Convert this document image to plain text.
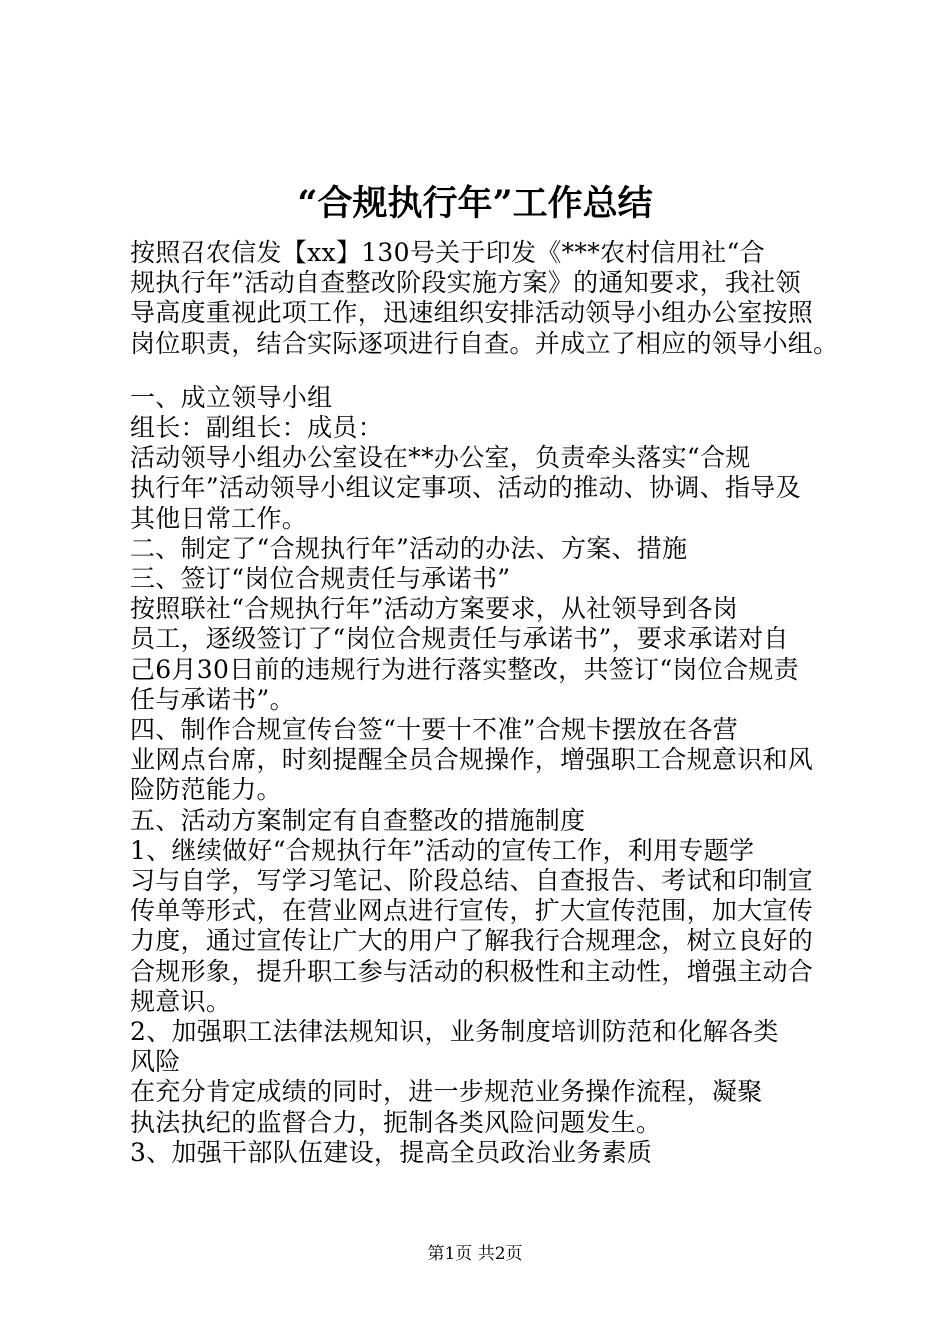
“合规执行年”工作总结
第1页 共2页
按照召农信发【xx】130号关于印发《***农村信用社“合
规执行年”活动自查整改阶段实施方案》的通知要求，我社领
导高度重视此项工作，迅速组织安排活动领导小组办公室按照
岗位职责，结合实际逐项进行自查。并成立了相应的领导小组。
一、成立领导小组
组长：副组长：成员：
活动领导小组办公室设在**办公室，负责牵头落实“合规
执行年”活动领导小组议定事项、活动的推动、协调、指导及
其他日常工作。
二、制定了“合规执行年”活动的办法、方案、措施
三、签订“岗位合规责任与承诺书”
按照联社“合规执行年”活动方案要求，从社领导到各岗
员工，逐级签订了“岗位合规责任与承诺书”，要求承诺对自
己6月30日前的违规行为进行落实整改，共签订“岗位合规责
任与承诺书”。
四、制作合规宣传台签“十要十不准”合规卡摆放在各营
业网点台席，时刻提醒全员合规操作，增强职工合规意识和风
险防范能力。
五、活动方案制定有自查整改的措施制度
1、继续做好“合规执行年”活动的宣传工作，利用专题学
习与自学，写学习笔记、阶段总结、自查报告、考试和印制宣
传单等形式，在营业网点进行宣传，扩大宣传范围，加大宣传
力度，通过宣传让广大的用户了解我行合规理念，树立良好的
合规形象，提升职工参与活动的积极性和主动性，增强主动合
规意识。
2、加强职工法律法规知识，业务制度培训防范和化解各类
风险
在充分肯定成绩的同时，进一步规范业务操作流程，凝聚
执法执纪的监督合力，扼制各类风险问题发生。
3、加强干部队伍建设，提高全员政治业务素质
